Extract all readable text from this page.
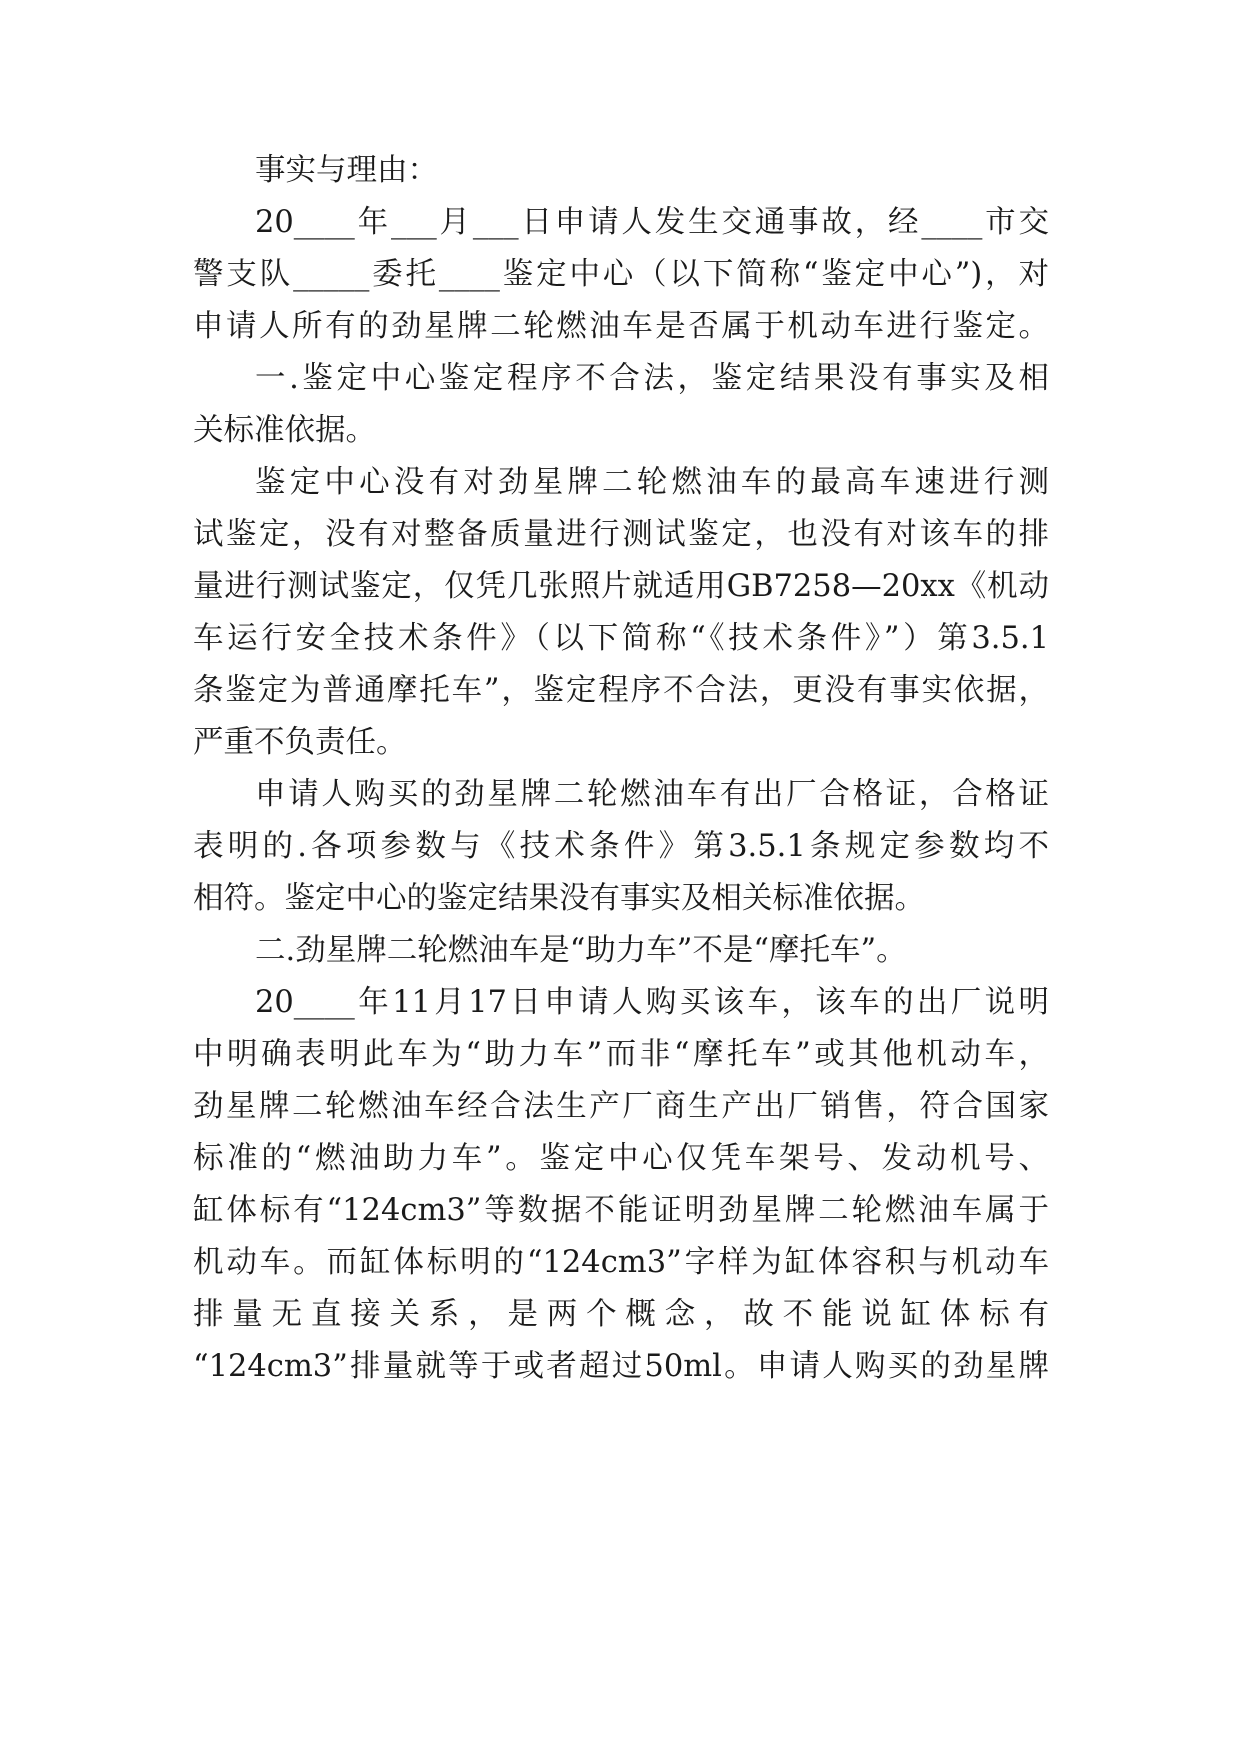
事实与理由：

20____年___月___日申请人发生交通事故，经____市交

警支队_____委托____鉴定中心（以下简称“鉴定中心”)，对

申请人所有的劲星牌二轮燃油车是否属于机动车进行鉴定。

一.鉴定中心鉴定程序不合法，鉴定结果没有事实及相

关标准依据。

鉴定中心没有对劲星牌二轮燃油车的最高车速进行测

试鉴定，没有对整备质量进行测试鉴定，也没有对该车的排

量进行测试鉴定，仅凭几张照片就适用GB7258—20xx《机动

车运行安全技术条件》（以下简称“《技术条件》”）第3.5.1

条鉴定为普通摩托车”，鉴定程序不合法，更没有事实依据，

严重不负责任。

申请人购买的劲星牌二轮燃油车有出厂合格证，合格证

表明的.各项参数与《技术条件》第3.5.1条规定参数均不

相符。鉴定中心的鉴定结果没有事实及相关标准依据。

二.劲星牌二轮燃油车是“助力车”不是“摩托车”。

20____年11月17日申请人购买该车，该车的出厂说明

中明确表明此车为“助力车”而非“摩托车”或其他机动车，

劲星牌二轮燃油车经合法生产厂商生产出厂销售，符合国家

标准的“燃油助力车”。鉴定中心仅凭车架号、发动机号、

缸体标有“124cm3”等数据不能证明劲星牌二轮燃油车属于

机动车。而缸体标明的“124cm3”字样为缸体容积与机动车

排量无直接关系，是两个概念，故不能说缸体标有

“124cm3”排量就等于或者超过50ml。申请人购买的劲星牌
